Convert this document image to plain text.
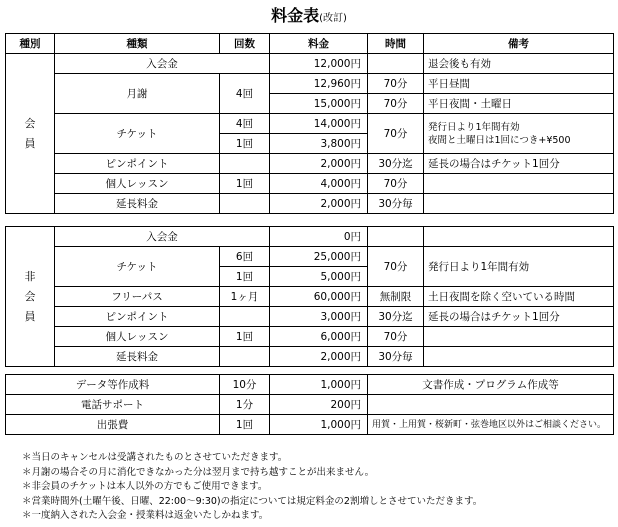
料金表(改訂)
種別	種類	回数	料金	時間	備考
会員	入会金		12,000円		退会後も有効
	月謝	4回	12,960円	70分	平日昼間
			15,000円	70分	平日夜間・土曜日
	チケット	4回	14,000円	70分	発行日より1年間有効
夜間と土曜日は1回につき+¥500

		1回	3,800円		
	ピンポイント		2,000円	30分迄	延長の場合はチケット1回分
	個人レッスン	1回	4,000円	70分	
	延長料金		2,000円	30分毎	
非会員	入会金		0円		
	チケット	6回	25,000円	70分	発行日より1年間有効
		1回	5,000円		
	フリーパス	1ヶ月	60,000円	無制限	土日夜間を除く空いている時間
	ピンポイント		3,000円	30分迄	延長の場合はチケット1回分
	個人レッスン	1回	6,000円	70分	
	延長料金		2,000円	30分毎	
データ等作成料	10分	1,000円	文書作成・プログラム作成等
電話サポート	1分	200円	
出張費	1回	1,000円	用賀・上用賀・桜新町・弦巻地区以外はご相談ください。
＊当日のキャンセルは受講されたものとさせていただきます。
＊月謝の場合その月に消化できなかった分は翌月まで持ち越すことが出来ません。
＊非会員のチケットは本人以外の方でもご使用できます。
＊営業時間外(土曜午後、日曜、22:00～9:30)の指定については規定料金の2割増しとさせていただきます。
＊一度納入された入会金・授業料は返金いたしかねます。
